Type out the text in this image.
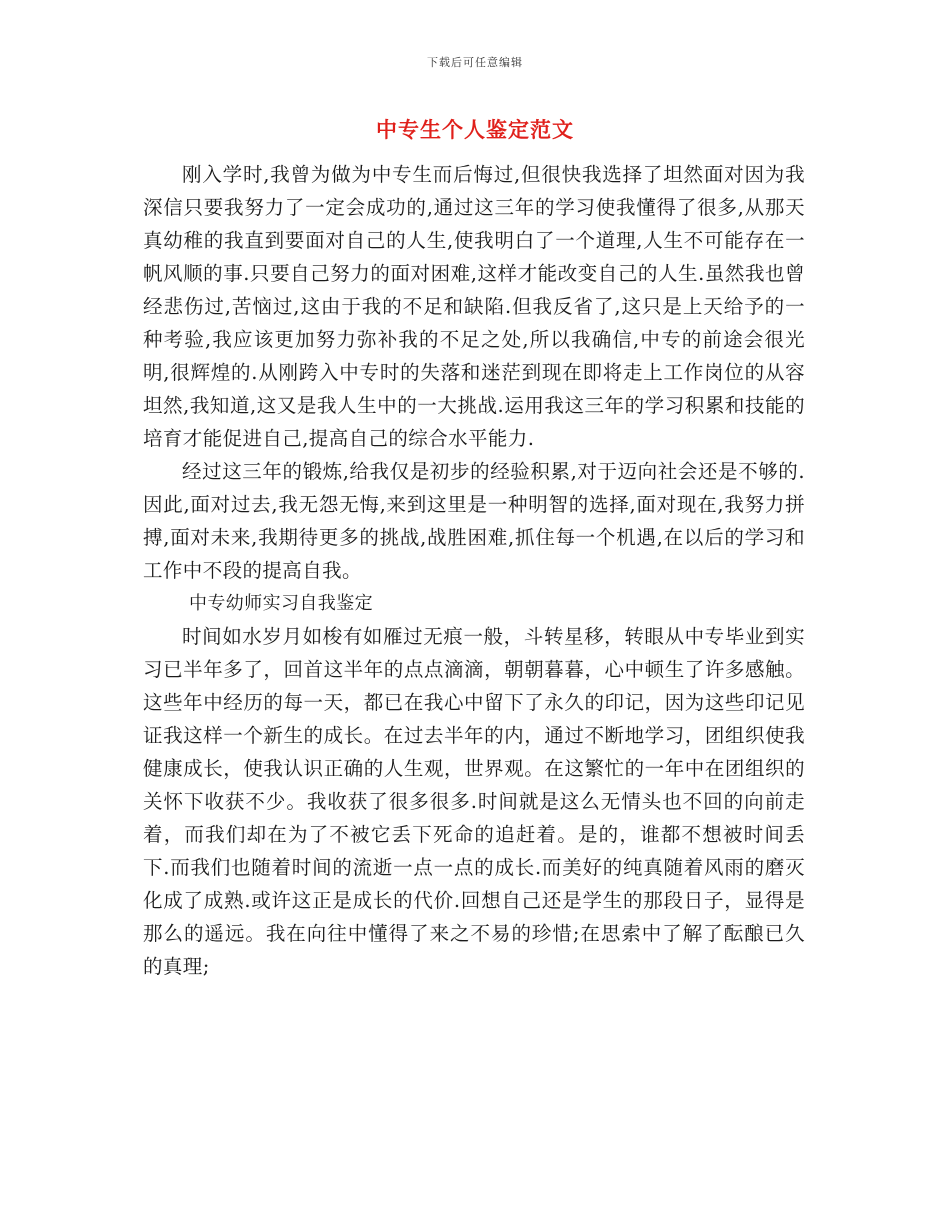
下载后可任意编辑
中专生个人鉴定范文

刚入学时,我曾为做为中专生而后悔过,但很快我选择了坦然面对因为我深信只要我努力了一定会成功的,通过这三年的学习使我懂得了很多,从那天真幼稚的我直到要面对自己的人生,使我明白了一个道理,人生不可能存在一帆风顺的事.只要自己努力的面对困难,这样才能改变自己的人生.虽然我也曾经悲伤过,苦恼过,这由于我的不足和缺陷.但我反省了,这只是上天给予的一种考验,我应该更加努力弥补我的不足之处,所以我确信,中专的前途会很光明,很辉煌的.从刚跨入中专时的失落和迷茫到现在即将走上工作岗位的从容坦然,我知道,这又是我人生中的一大挑战.运用我这三年的学习积累和技能的培育才能促进自己,提高自己的综合水平能力.

经过这三年的锻炼,给我仅是初步的经验积累,对于迈向社会还是不够的.因此,面对过去,我无怨无悔,来到这里是一种明智的选择,面对现在,我努力拼搏,面对未来,我期待更多的挑战,战胜困难,抓住每一个机遇,在以后的学习和工作中不段的提高自我。

中专幼师实习自我鉴定

时间如水岁月如梭有如雁过无痕一般，斗转星移，转眼从中专毕业到实习已半年多了，回首这半年的点点滴滴，朝朝暮暮，心中顿生了许多感触。这些年中经历的每一天，都已在我心中留下了永久的印记，因为这些印记见证我这样一个新生的成长。在过去半年的内，通过不断地学习，团组织使我健康成长，使我认识正确的人生观，世界观。在这繁忙的一年中在团组织的关怀下收获不少。我收获了很多很多.时间就是这么无情头也不回的向前走着，而我们却在为了不被它丢下死命的追赶着。是的，谁都不想被时间丢下.而我们也随着时间的流逝一点一点的成长.而美好的纯真随着风雨的磨灭化成了成熟.或许这正是成长的代价.回想自己还是学生的那段日子，显得是那么的遥远。我在向往中懂得了来之不易的珍惜;在思索中了解了酝酿已久的真理;
